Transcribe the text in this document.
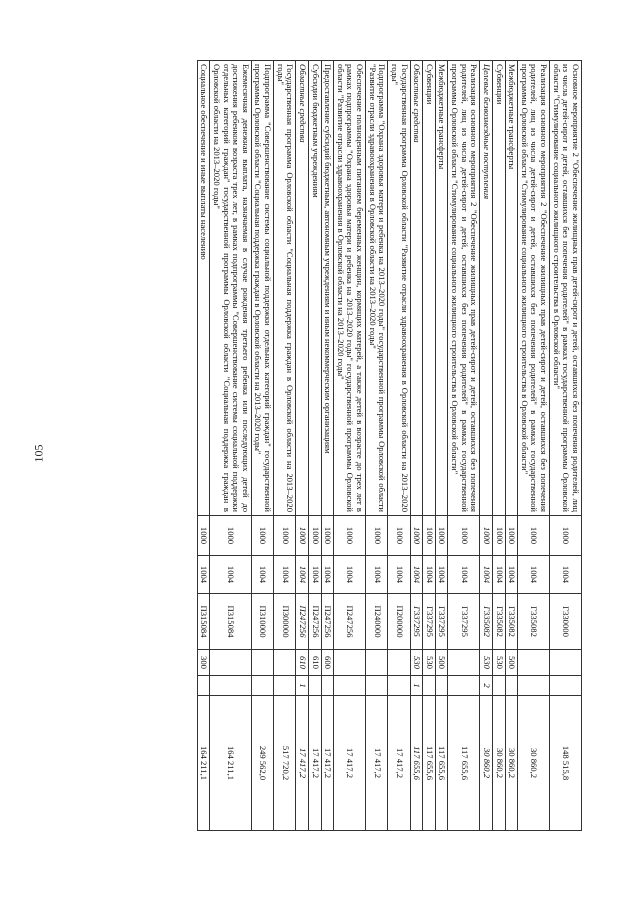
105	Основное мероприятие 2 "Обеспечение жилищных прав детей-сирот и детей, оставшихся без попечения родителей, лиц из числа детей-сирот и детей, оставшихся без попечения родителей" в рамках государственной программы Орловской области "Стимулирование социального жилищного строительства в Орловской области"	1000	1004	Г330000			148 515,8
Реализация основного мероприятия 2 "Обеспечение жилищных прав детей-сирот и детей, оставшихся без попечения родителей, лиц из числа детей-сирот и детей, оставшихся без попечения родителей" в рамках государственной программы Орловской области "Стимулирование социального жилищного строительства в Орловской области"	1000	1004	Г335082			30 860,2
Межбюджетные трансферты	1000	1004	Г335082	500		30 860,2
Субвенции	1000	1004	Г335082	530		30 860,2
Целевые безвозмездные поступления	1000	1004	Г335082	530	2	30 860,2
Реализация основного мероприятия 2 "Обеспечение жилищных прав детей-сирот и детей, оставшихся без попечения родителей, лиц из числа детей-сирот и детей, оставшихся без попечения родителей" в рамках государственной программы Орловской области "Стимулирование социального жилищного строительства в Орловской области"	1000	1004	Г337295			117 655,6
Межбюджетные трансферты	1000	1004	Г337295	500		117 655,6
Субвенции	1000	1004	Г337295	530		117 655,6
Областные средства	1000	1004	Г337295	530	1	117 655,6
Государственная программа Орловской области "Развитие отрасли здравоохранения в Орловской области на 2013–2020 годы"	1000	1004	П200000			17 417,2
Подпрограмма "Охрана здоровья матери и ребенка на 2013–2020 годы" государственной программы Орловской области "Развитие отрасли здравоохранения в Орловской области на 2013–2020 годы"	1000	1004	П240000			17 417,2
Обеспечение полноценным питанием беременных женщин, кормящих матерей, а также детей в возрасте до трех лет в рамках подпрограммы "Охрана здоровья матери и ребенка на 2013–2020 годы" государственной программы Орловской области "Развитие отрасли здравоохранения в Орловской области на 2013–2020 годы"	1000	1004	П247256			17 417,2
Предоставление субсидий бюджетным, автономным учреждениям и иным некоммерческим организациям	1000	1004	П247256	600		17 417,2
Субсидии бюджетным учреждениям	1000	1004	П247256	610		17 417,2
Областные средства	1000	1004	П247256	610	1	17 417,2
Государственная программа Орловской области "Социальная поддержка граждан в Орловской области на 2013–2020 годы"	1000	1004	П300000			517 720,2
Подпрограмма "Совершенствование системы социальной поддержки отдельных категорий граждан" государственной программы Орловской области "Социальная поддержка граждан в Орловской области на 2013–2020 годы"	1000	1004	П310000			249 562,0
Ежемесячная денежная выплата, назначаемая в случае рождения третьего ребенка или последующих детей до достижения ребенком возраста трех лет, в рамках подпрограммы "Совершенствование системы социальной поддержки отдельных категорий граждан" государственной программы Орловской области "Социальная поддержка граждан в Орловской области на 2013–2020 годы"	1000	1004	П315084			164 211,1
Социальное обеспечение и иные выплаты населению	1000	1004	П315084	300		164 211,1
